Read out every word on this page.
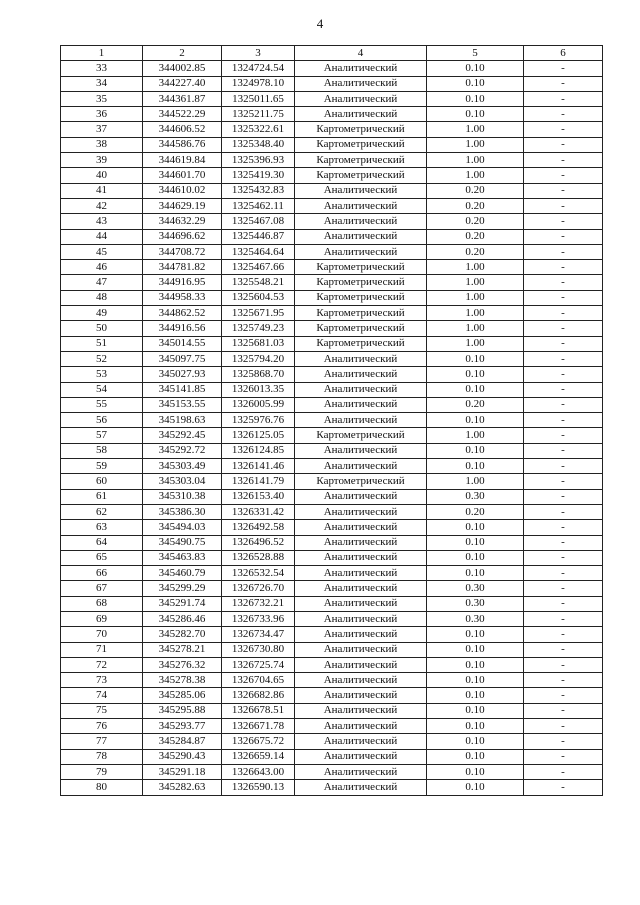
4
1	2	3	4	5	6
33	344002.85	1324724.54	Аналитический	0.10	-
34	344227.40	1324978.10	Аналитический	0.10	-
35	344361.87	1325011.65	Аналитический	0.10	-
36	344522.29	1325211.75	Аналитический	0.10	-
37	344606.52	1325322.61	Картометрический	1.00	-
38	344586.76	1325348.40	Картометрический	1.00	-
39	344619.84	1325396.93	Картометрический	1.00	-
40	344601.70	1325419.30	Картометрический	1.00	-
41	344610.02	1325432.83	Аналитический	0.20	-
42	344629.19	1325462.11	Аналитический	0.20	-
43	344632.29	1325467.08	Аналитический	0.20	-
44	344696.62	1325446.87	Аналитический	0.20	-
45	344708.72	1325464.64	Аналитический	0.20	-
46	344781.82	1325467.66	Картометрический	1.00	-
47	344916.95	1325548.21	Картометрический	1.00	-
48	344958.33	1325604.53	Картометрический	1.00	-
49	344862.52	1325671.95	Картометрический	1.00	-
50	344916.56	1325749.23	Картометрический	1.00	-
51	345014.55	1325681.03	Картометрический	1.00	-
52	345097.75	1325794.20	Аналитический	0.10	-
53	345027.93	1325868.70	Аналитический	0.10	-
54	345141.85	1326013.35	Аналитический	0.10	-
55	345153.55	1326005.99	Аналитический	0.20	-
56	345198.63	1325976.76	Аналитический	0.10	-
57	345292.45	1326125.05	Картометрический	1.00	-
58	345292.72	1326124.85	Аналитический	0.10	-
59	345303.49	1326141.46	Аналитический	0.10	-
60	345303.04	1326141.79	Картометрический	1.00	-
61	345310.38	1326153.40	Аналитический	0.30	-
62	345386.30	1326331.42	Аналитический	0.20	-
63	345494.03	1326492.58	Аналитический	0.10	-
64	345490.75	1326496.52	Аналитический	0.10	-
65	345463.83	1326528.88	Аналитический	0.10	-
66	345460.79	1326532.54	Аналитический	0.10	-
67	345299.29	1326726.70	Аналитический	0.30	-
68	345291.74	1326732.21	Аналитический	0.30	-
69	345286.46	1326733.96	Аналитический	0.30	-
70	345282.70	1326734.47	Аналитический	0.10	-
71	345278.21	1326730.80	Аналитический	0.10	-
72	345276.32	1326725.74	Аналитический	0.10	-
73	345278.38	1326704.65	Аналитический	0.10	-
74	345285.06	1326682.86	Аналитический	0.10	-
75	345295.88	1326678.51	Аналитический	0.10	-
76	345293.77	1326671.78	Аналитический	0.10	-
77	345284.87	1326675.72	Аналитический	0.10	-
78	345290.43	1326659.14	Аналитический	0.10	-
79	345291.18	1326643.00	Аналитический	0.10	-
80	345282.63	1326590.13	Аналитический	0.10	-
